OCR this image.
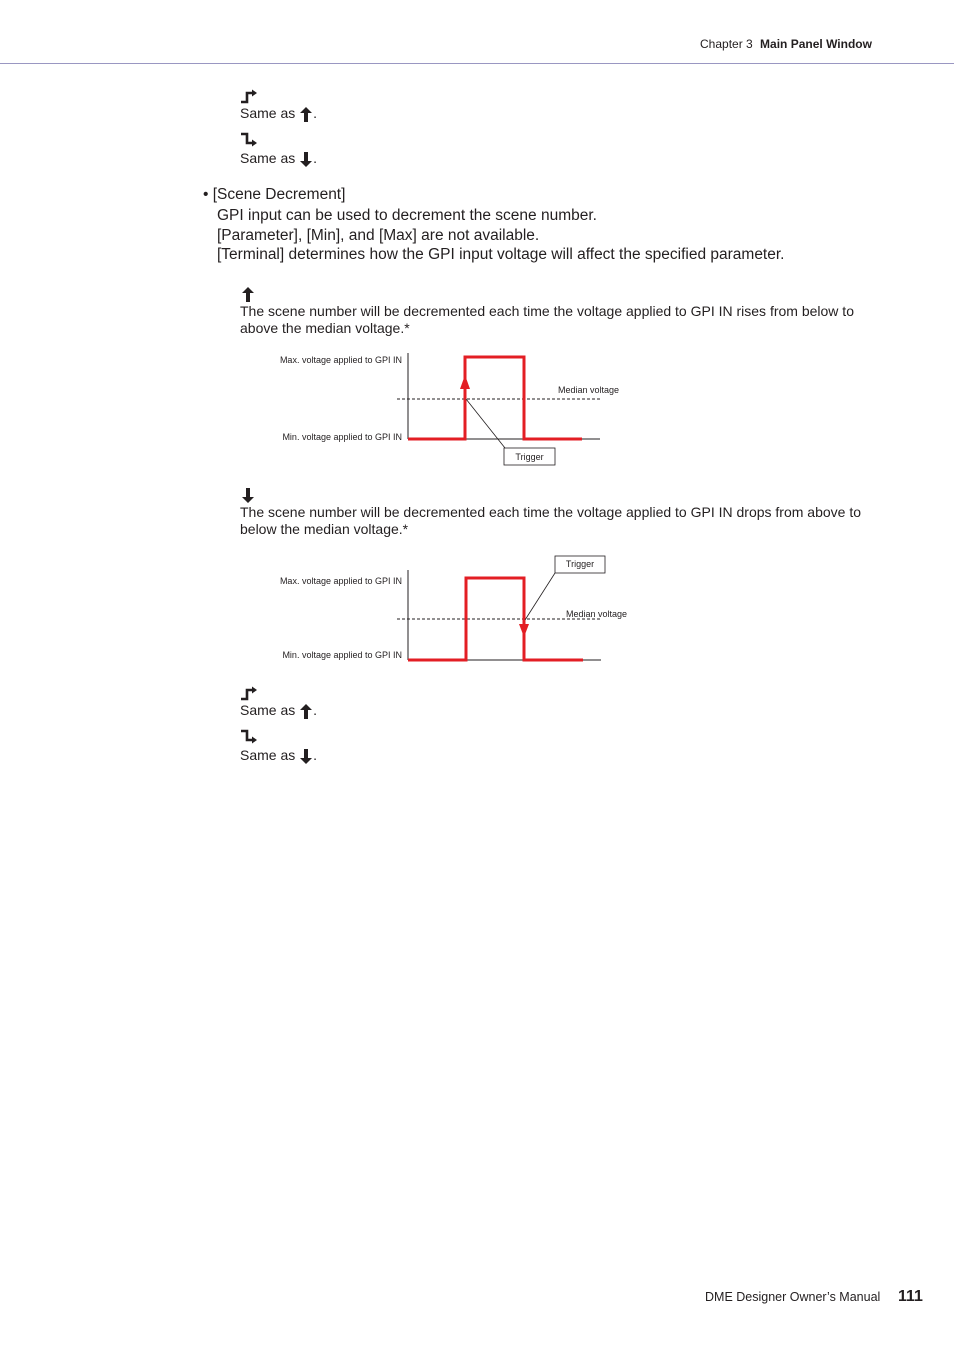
Chapter 3 Main Panel Window
Same as .
Same as .
• [Scene Decrement]
GPI input can be used to decrement the scene number.
[Parameter], [Min], and [Max] are not available.
[Terminal] determines how the GPI input voltage will affect the specified parameter.
The scene number will be decremented each time the voltage applied to GPI IN rises from below to above the median voltage.*
Max. voltage applied to GPI IN
Min. voltage applied to GPI IN
Median voltage
Trigger
The scene number will be decremented each time the voltage applied to GPI IN drops from above to below the median voltage.*
Max. voltage applied to GPI IN
Min. voltage applied to GPI IN
Median voltage
Trigger
Same as .
Same as .
DME Designer Owner’s Manual 111
